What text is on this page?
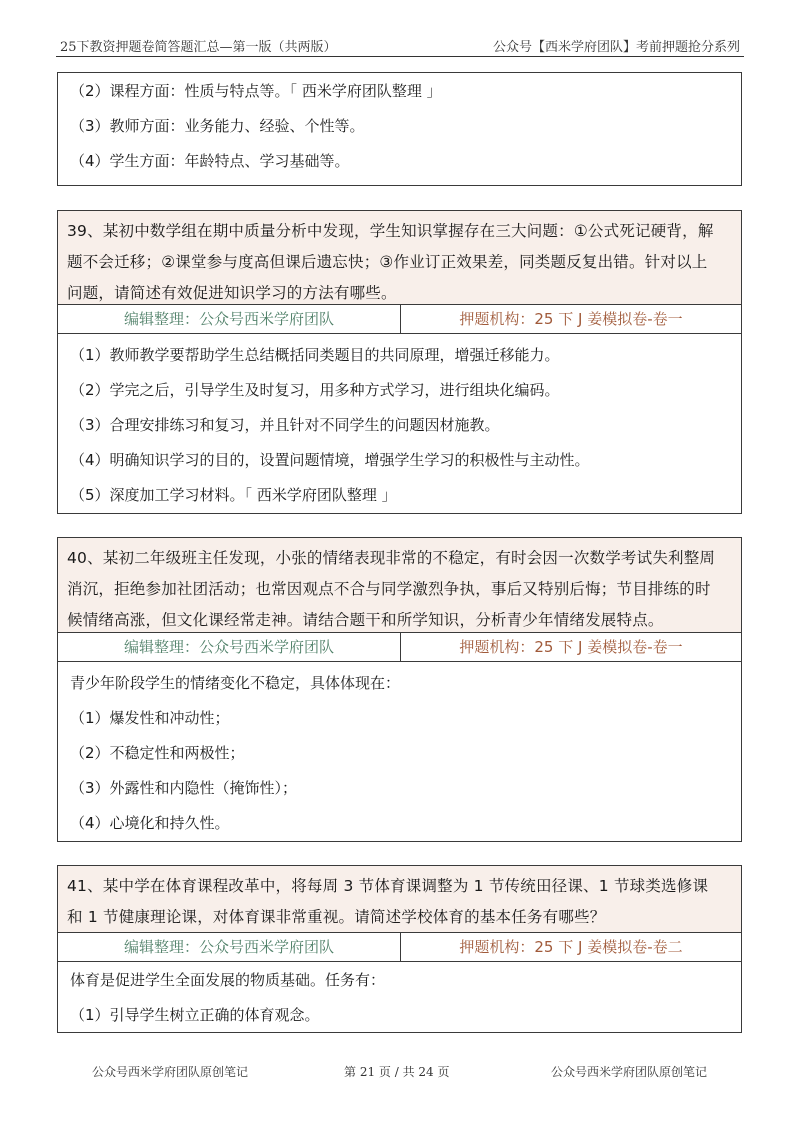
25下教资押题卷简答题汇总—第一版（共两版）	公众号【西米学府团队】考前押题抢分系列
（2）课程方面：性质与特点等。「 西米学府团队整理 」
（3）教师方面：业务能力、经验、个性等。
（4）学生方面：年龄特点、学习基础等。
39、某初中数学组在期中质量分析中发现，学生知识掌握存在三大问题：①公式死记硬背，解
题不会迁移；②课堂参与度高但课后遗忘快；③作业订正效果差，同类题反复出错。针对以上
问题，请简述有效促进知识学习的方法有哪些。
编辑整理：公众号西米学府团队	押题机构：25 下 J 姜模拟卷-卷一
（1）教师教学要帮助学生总结概括同类题目的共同原理，增强迁移能力。
（2）学完之后，引导学生及时复习，用多种方式学习，进行组块化编码。
（3）合理安排练习和复习，并且针对不同学生的问题因材施教。
（4）明确知识学习的目的，设置问题情境，增强学生学习的积极性与主动性。
（5）深度加工学习材料。「 西米学府团队整理 」
40、某初二年级班主任发现，小张的情绪表现非常的不稳定，有时会因一次数学考试失利整周
消沉，拒绝参加社团活动；也常因观点不合与同学激烈争执，事后又特别后悔；节目排练的时
候情绪高涨，但文化课经常走神。请结合题干和所学知识，分析青少年情绪发展特点。
编辑整理：公众号西米学府团队	押题机构：25 下 J 姜模拟卷-卷一
青少年阶段学生的情绪变化不稳定，具体体现在：
（1）爆发性和冲动性；
（2）不稳定性和两极性；
（3）外露性和内隐性（掩饰性）；
（4）心境化和持久性。
41、某中学在体育课程改革中，将每周 3 节体育课调整为 1 节传统田径课、1 节球类选修课
和 1 节健康理论课，对体育课非常重视。请简述学校体育的基本任务有哪些？
编辑整理：公众号西米学府团队	押题机构：25 下 J 姜模拟卷-卷二
体育是促进学生全面发展的物质基础。任务有：
（1）引导学生树立正确的体育观念。
公众号西米学府团队原创笔记	第 21 页 / 共 24 页	公众号西米学府团队原创笔记
